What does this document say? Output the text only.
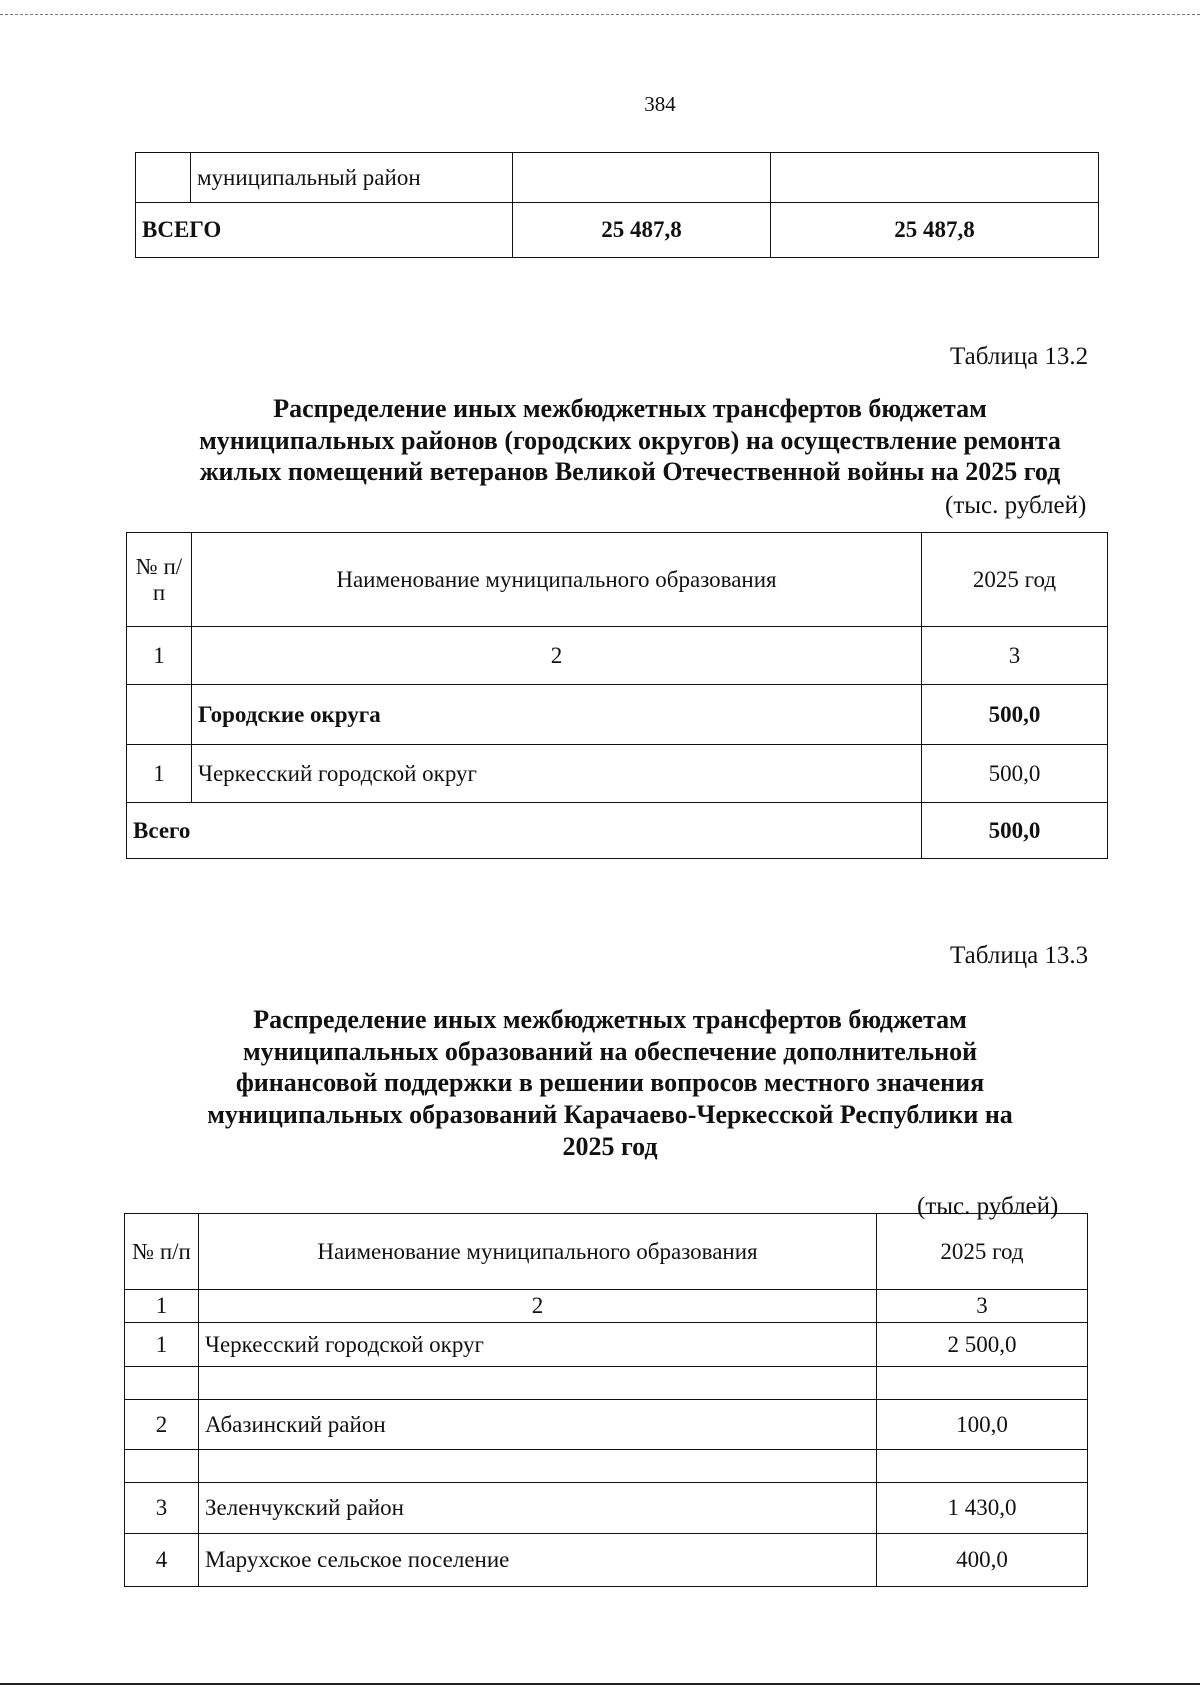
384
	муниципальный район		
ВСЕГО		25 487,8	25 487,8
Таблица 13.2
Распределение иных межбюджетных трансфертов бюджетам
муниципальных районов (городских округов) на осуществление ремонта
жилых помещений ветеранов Великой Отечественной войны на 2025 год
(тыс. рублей)
№ п/п	Наименование муниципального образования	2025 год
1	2	3
	Городские округа	500,0
1	Черкесский городской округ	500,0
Всего		500,0
Таблица 13.3
Распределение иных межбюджетных трансфертов бюджетам
муниципальных образований на обеспечение дополнительной
финансовой поддержки в решении вопросов местного значения
муниципальных образований Карачаево-Черкесской Республики на
2025 год
(тыс. рублей)
№ п/п	Наименование муниципального образования	2025 год
1	2	3
1	Черкесский городской округ	2 500,0

2	Абазинский район	100,0

3	Зеленчукский район	1 430,0
4	Марухское сельское поселение	400,0
